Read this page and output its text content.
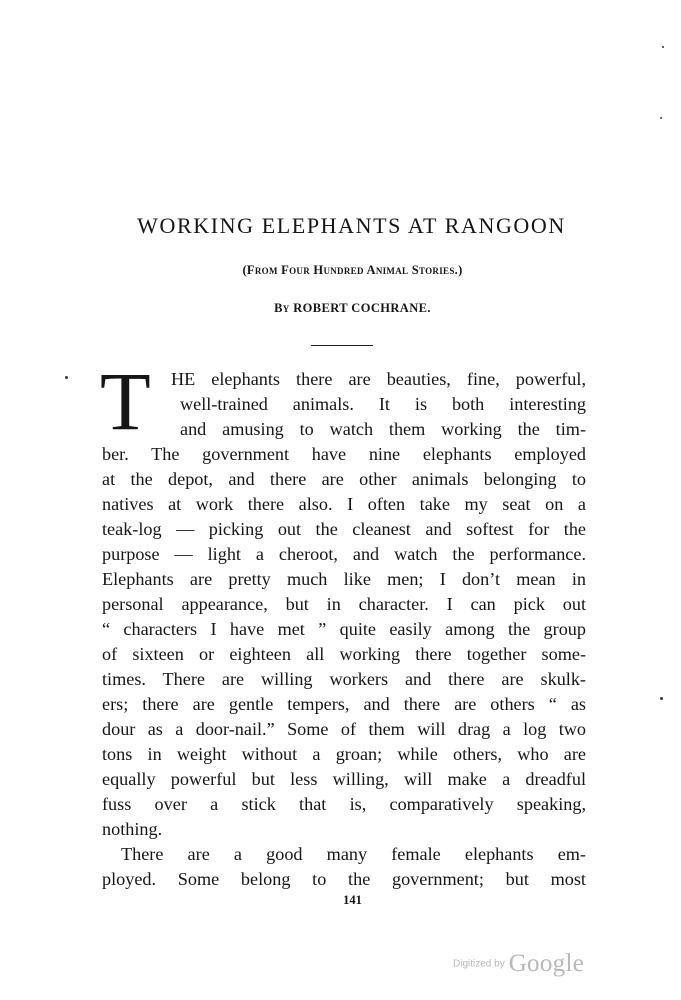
WORKING ELEPHANTS AT RANGOON
(From Four Hundred Animal Stories.)
By ROBERT COCHRANE.
T HE elephants there are beauties, fine, powerful,
well-trained animals. It is both interesting
and amusing to watch them working the tim-
ber. The government have nine elephants employed
at the depot, and there are other animals belonging to
natives at work there also. I often take my seat on a
teak-log — picking out the cleanest and softest for the
purpose — light a cheroot, and watch the performance.
Elephants are pretty much like men; I don’t mean in
personal appearance, but in character. I can pick out
“ characters I have met ” quite easily among the group
of sixteen or eighteen all working there together some-
times. There are willing workers and there are skulk-
ers; there are gentle tempers, and there are others “ as
dour as a door-nail.” Some of them will drag a log two
tons in weight without a groan; while others, who are
equally powerful but less willing, will make a dreadful
fuss over a stick that is, comparatively speaking,
nothing.
There are a good many female elephants em-
ployed. Some belong to the government; but most
141
Digitized by Google
